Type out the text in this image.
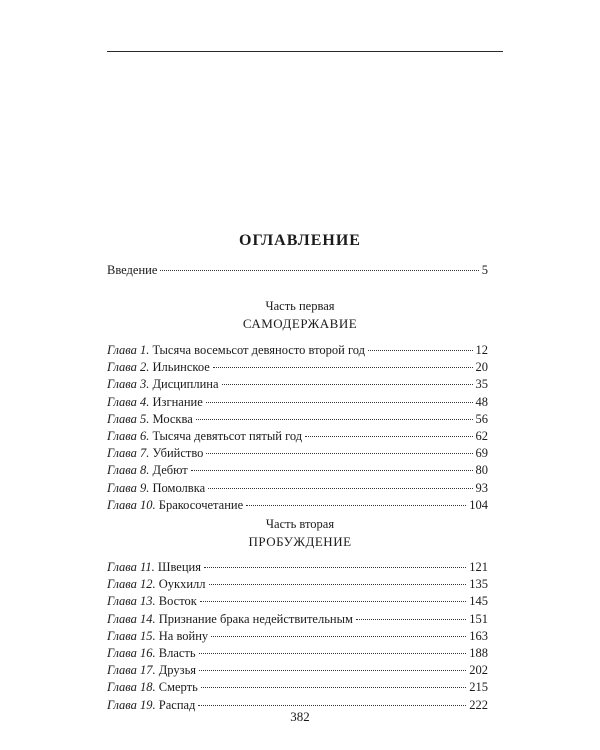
ОГЛАВЛЕНИЕ
Введение	5
Часть первая
САМОДЕРЖАВИЕ
Глава 1. Тысяча восемьсот девяносто второй год	12
Глава 2. Ильинское	20
Глава 3. Дисциплина	35
Глава 4. Изгнание	48
Глава 5. Москва	56
Глава 6. Тысяча девятьсот пятый год	62
Глава 7. Убийство	69
Глава 8. Дебют	80
Глава 9. Помолвка	93
Глава 10. Бракосочетание	104
Часть вторая
ПРОБУЖДЕНИЕ
Глава 11. Швеция	121
Глава 12. Оукхилл	135
Глава 13. Восток	145
Глава 14. Признание брака недействительным	151
Глава 15. На войну	163
Глава 16. Власть	188
Глава 17. Друзья	202
Глава 18. Смерть	215
Глава 19. Распад	222
382
